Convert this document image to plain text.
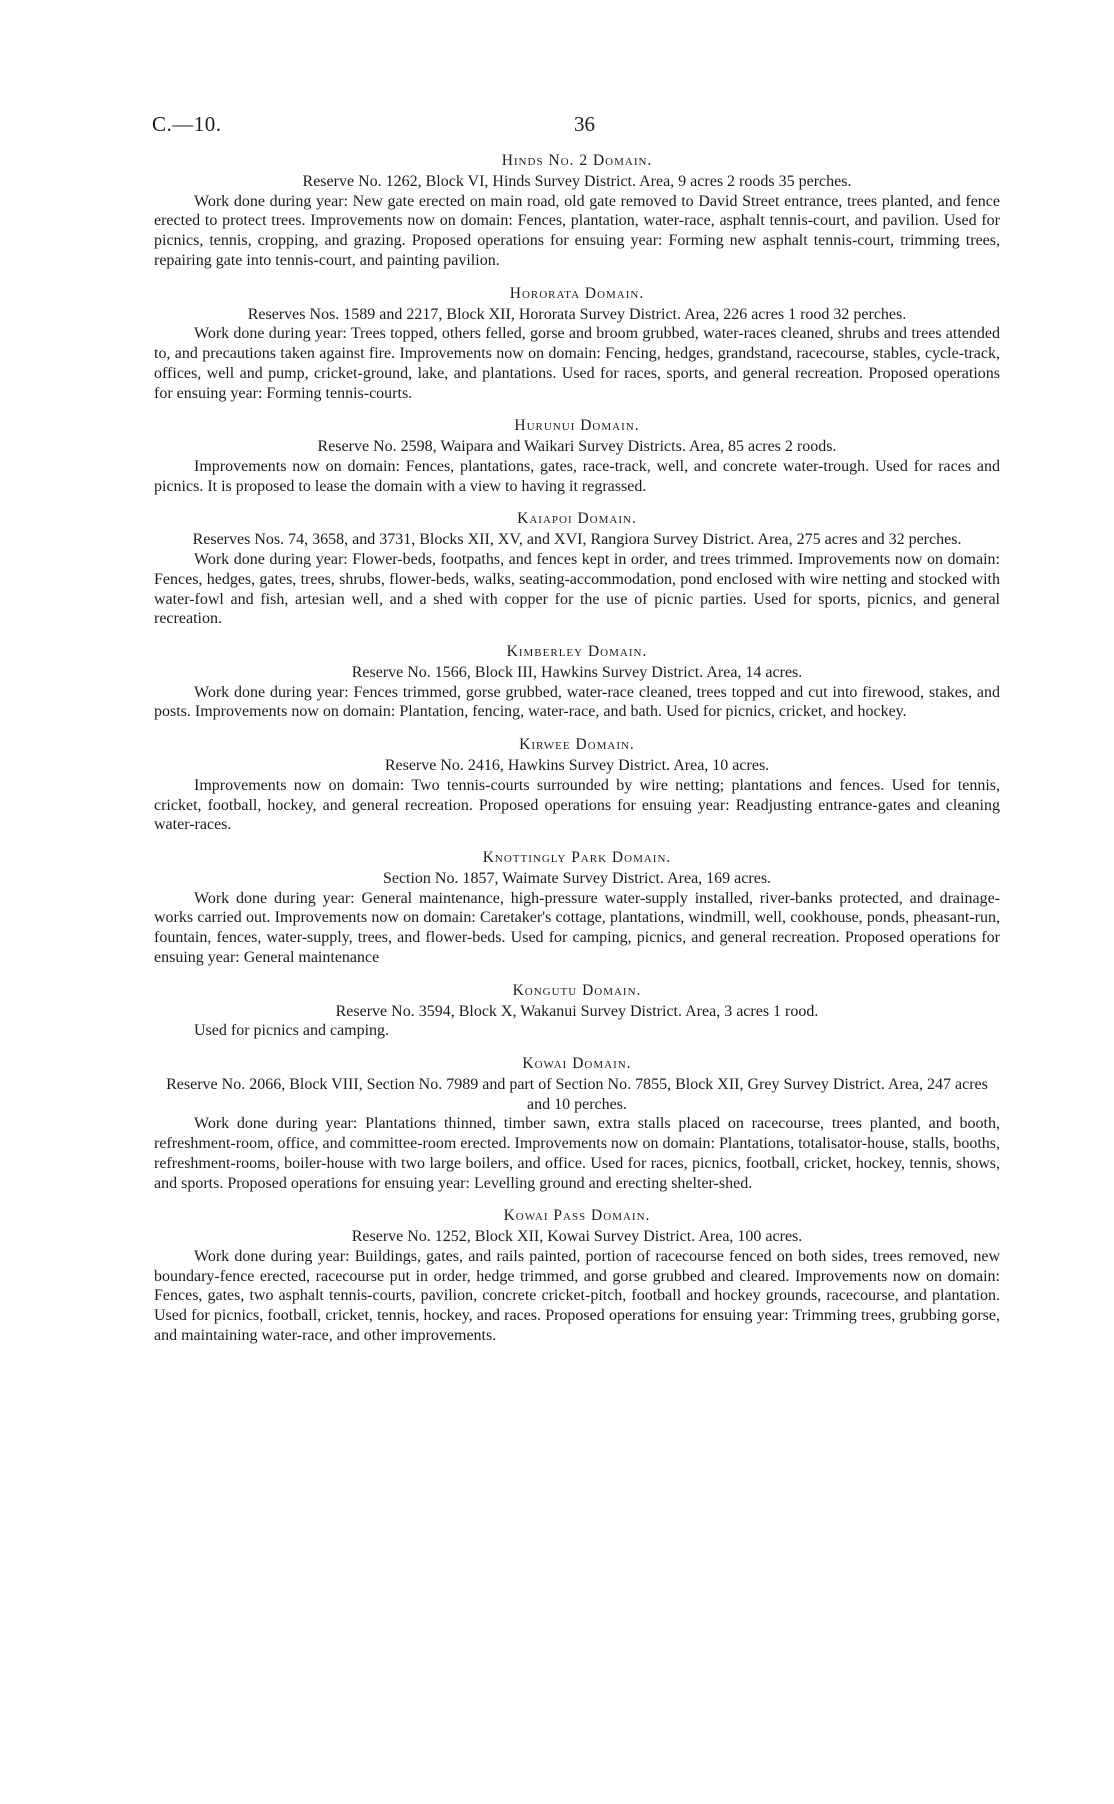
C.—10.	36
Hinds No. 2 Domain.

Reserve No. 1262, Block VI, Hinds Survey District. Area, 9 acres 2 roods 35 perches.

Work done during year: New gate erected on main road, old gate removed to David Street entrance, trees planted, and fence erected to protect trees. Improvements now on domain: Fences, plantation, water-race, asphalt tennis-court, and pavilion. Used for picnics, tennis, cropping, and grazing. Proposed operations for ensuing year: Forming new asphalt tennis-court, trimming trees, repairing gate into tennis-court, and painting pavilion.

Hororata Domain.

Reserves Nos. 1589 and 2217, Block XII, Hororata Survey District. Area, 226 acres 1 rood 32 perches.

Work done during year: Trees topped, others felled, gorse and broom grubbed, water-races cleaned, shrubs and trees attended to, and precautions taken against fire. Improvements now on domain: Fencing, hedges, grandstand, racecourse, stables, cycle-track, offices, well and pump, cricket-ground, lake, and plantations. Used for races, sports, and general recreation. Proposed operations for ensuing year: Forming tennis-courts.

Hurunui Domain.

Reserve No. 2598, Waipara and Waikari Survey Districts. Area, 85 acres 2 roods.

Improvements now on domain: Fences, plantations, gates, race-track, well, and concrete water-trough. Used for races and picnics. It is proposed to lease the domain with a view to having it regrassed.

Kaiapoi Domain.

Reserves Nos. 74, 3658, and 3731, Blocks XII, XV, and XVI, Rangiora Survey District. Area, 275 acres and 32 perches.

Work done during year: Flower-beds, footpaths, and fences kept in order, and trees trimmed. Improvements now on domain: Fences, hedges, gates, trees, shrubs, flower-beds, walks, seating-accommodation, pond enclosed with wire netting and stocked with water-fowl and fish, artesian well, and a shed with copper for the use of picnic parties. Used for sports, picnics, and general recreation.

Kimberley Domain.

Reserve No. 1566, Block III, Hawkins Survey District. Area, 14 acres.

Work done during year: Fences trimmed, gorse grubbed, water-race cleaned, trees topped and cut into firewood, stakes, and posts. Improvements now on domain: Plantation, fencing, water-race, and bath. Used for picnics, cricket, and hockey.

Kirwee Domain.

Reserve No. 2416, Hawkins Survey District. Area, 10 acres.

Improvements now on domain: Two tennis-courts surrounded by wire netting; plantations and fences. Used for tennis, cricket, football, hockey, and general recreation. Proposed operations for ensuing year: Readjusting entrance-gates and cleaning water-races.

Knottingly Park Domain.

Section No. 1857, Waimate Survey District. Area, 169 acres.

Work done during year: General maintenance, high-pressure water-supply installed, river-banks protected, and drainage-works carried out. Improvements now on domain: Caretaker's cottage, plantations, windmill, well, cookhouse, ponds, pheasant-run, fountain, fences, water-supply, trees, and flower-beds. Used for camping, picnics, and general recreation. Proposed operations for ensuing year: General maintenance

Kongutu Domain.

Reserve No. 3594, Block X, Wakanui Survey District. Area, 3 acres 1 rood.

Used for picnics and camping.

Kowai Domain.

Reserve No. 2066, Block VIII, Section No. 7989 and part of Section No. 7855, Block XII, Grey Survey District. Area, 247 acres and 10 perches.

Work done during year: Plantations thinned, timber sawn, extra stalls placed on racecourse, trees planted, and booth, refreshment-room, office, and committee-room erected. Improvements now on domain: Plantations, totalisator-house, stalls, booths, refreshment-rooms, boiler-house with two large boilers, and office. Used for races, picnics, football, cricket, hockey, tennis, shows, and sports. Proposed operations for ensuing year: Levelling ground and erecting shelter-shed.

Kowai Pass Domain.

Reserve No. 1252, Block XII, Kowai Survey District. Area, 100 acres.

Work done during year: Buildings, gates, and rails painted, portion of racecourse fenced on both sides, trees removed, new boundary-fence erected, racecourse put in order, hedge trimmed, and gorse grubbed and cleared. Improvements now on domain: Fences, gates, two asphalt tennis-courts, pavilion, concrete cricket-pitch, football and hockey grounds, racecourse, and plantation. Used for picnics, football, cricket, tennis, hockey, and races. Proposed operations for ensuing year: Trimming trees, grubbing gorse, and maintaining water-race, and other improvements.
